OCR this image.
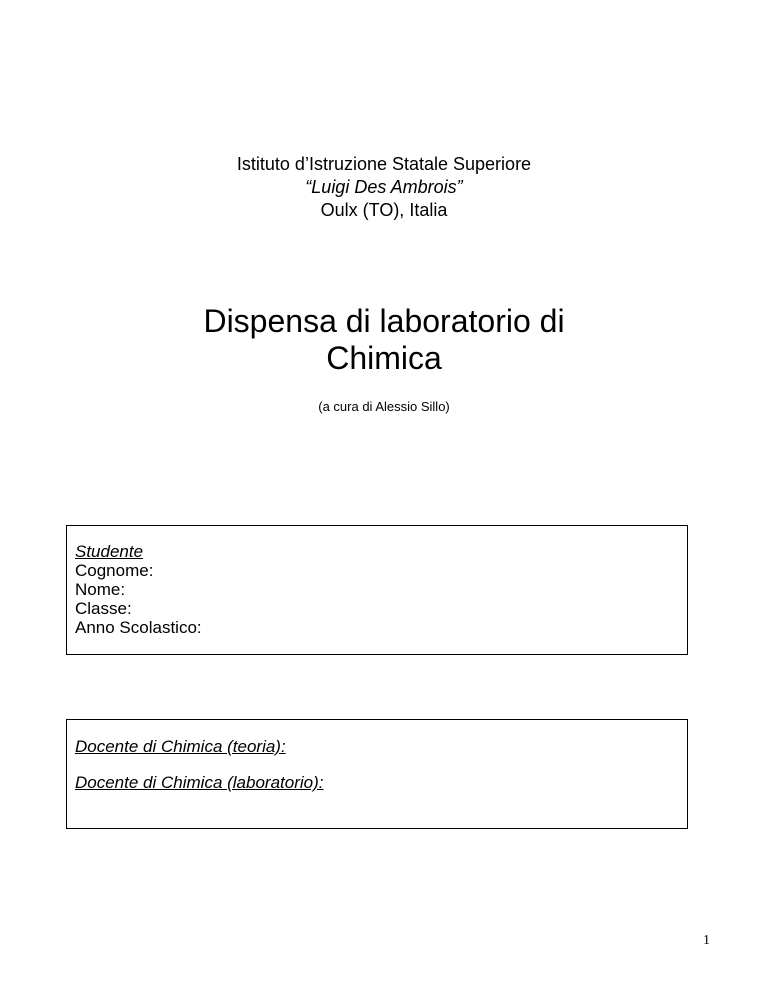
Istituto d’Istruzione Statale Superiore
“Luigi Des Ambrois”
Oulx (TO), Italia
Dispensa di laboratorio di
Chimica
(a cura di Alessio Sillo)
Studente
Cognome:
Nome:
Classe:
Anno Scolastico:
Docente di Chimica (teoria):
Docente di Chimica (laboratorio):
1
